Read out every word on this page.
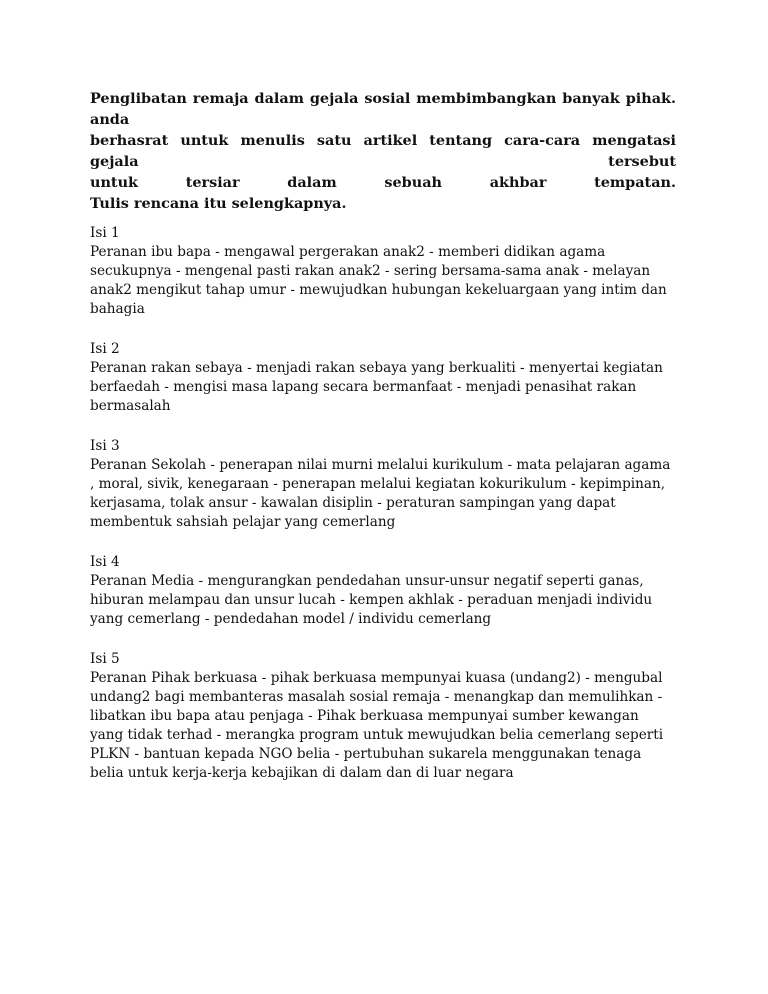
Penglibatan remaja dalam gejala sosial membimbangkan banyak pihak. anda
berhasrat untuk menulis satu artikel tentang cara-cara mengatasi gejala tersebut
untuk tersiar dalam sebuah akhbar tempatan.
Tulis rencana itu selengkapnya.

Isi 1

Peranan ibu bapa - mengawal pergerakan anak2 - memberi didikan agama secukupnya - mengenal pasti rakan anak2 - sering bersama-sama anak - melayan anak2 mengikut tahap umur - mewujudkan hubungan kekeluargaan yang intim dan bahagia

Isi 2

Peranan rakan sebaya - menjadi rakan sebaya yang berkualiti - menyertai kegiatan berfaedah - mengisi masa lapang secara bermanfaat - menjadi penasihat rakan bermasalah

Isi 3

Peranan Sekolah - penerapan nilai murni melalui kurikulum - mata pelajaran agama , moral, sivik, kenegaraan - penerapan melalui kegiatan kokurikulum - kepimpinan, kerjasama, tolak ansur - kawalan disiplin - peraturan sampingan yang dapat membentuk sahsiah pelajar yang cemerlang

Isi 4

Peranan Media - mengurangkan pendedahan unsur-unsur negatif seperti ganas, hiburan melampau dan unsur lucah - kempen akhlak - peraduan menjadi individu yang cemerlang - pendedahan model / individu cemerlang

Isi 5

Peranan Pihak berkuasa - pihak berkuasa mempunyai kuasa (undang2) - mengubal undang2 bagi membanteras masalah sosial remaja - menangkap dan memulihkan - libatkan ibu bapa atau penjaga - Pihak berkuasa mempunyai sumber kewangan yang tidak terhad - merangka program untuk mewujudkan belia cemerlang seperti PLKN - bantuan kepada NGO belia - pertubuhan sukarela menggunakan tenaga belia untuk kerja-kerja kebajikan di dalam dan di luar negara
